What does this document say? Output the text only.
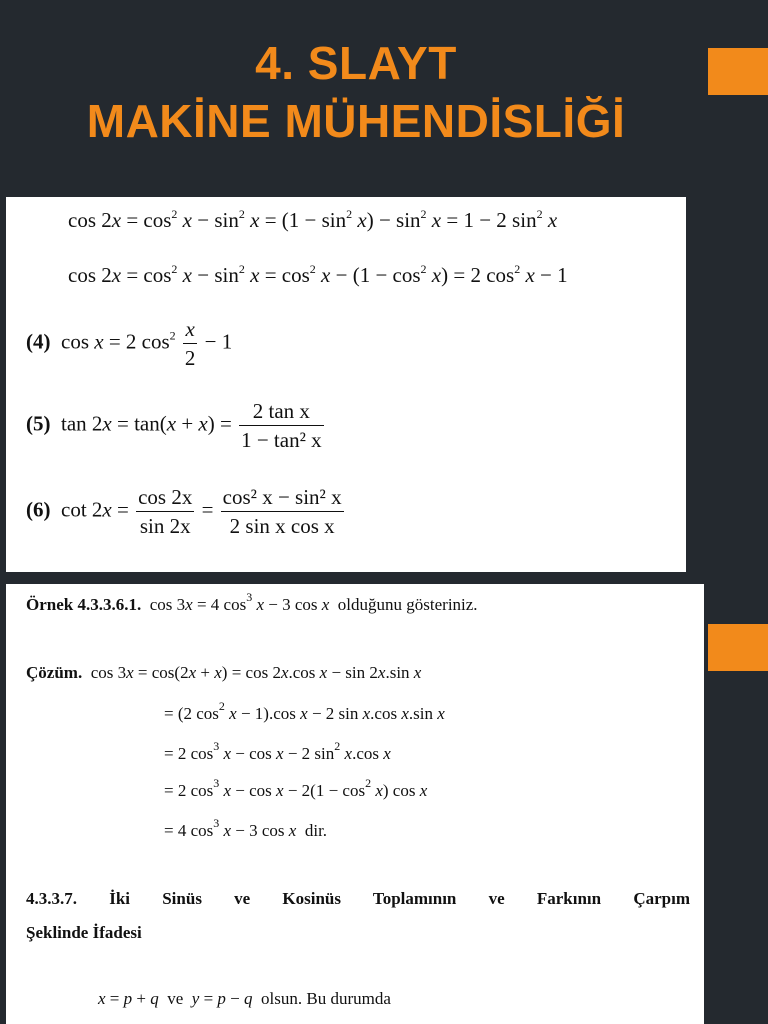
4. SLAYT
MAKİNE MÜHENDİSLİĞİ
$\cos 2x = \cos^2 x - \sin^2 x = (1 - \sin^2 x) - \sin^2 x = 1 - 2$ $\sin^2 x$
$\cos 2x = \cos^2 x - \sin^2 x = \cos^2 x - (1 - \cos^2 x) = 2$ $\cos^2 x - 1$
(4)  cos x = 2 $\cos^2 \frac{x}{2} - 1$
(5)  $\tan 2x = \tan(x + x) = \frac{\text{2 tan x}}{\text{1 − tan² x}}$
(6)  $\cot 2x = \frac{\cos 2x}{\sin 2x} = \frac{\text{cos² x − sin² x}}{\text{2 sin x cos x}}$
Örnek 4.3.3.6.1.  cos 3x = 4 $\cos^3 x - 3$ cos x olduğunu gösteriniz.
Çözüm.  cos 3x = cos(2x + x) = cos 2x.cos x − sin 2x.sin x
= (2 $\cos^2 x - 1).\cos$ x − 2 sin x.cos x.sin x
= 2 $\cos^3 x - \cos x - 2$ $\sin^2 x.\cos$ x
= 2 $\cos^3 x - \cos x - 2(1 - \cos^2 x)$ cos x
= 4 $\cos^3 x - 3$ cos x dir.
4.3.3.7. İki Sinüs ve Kosinüs Toplamının ve Farkının Çarpım
Şeklinde İfadesi
x = p + q ve y = p − q olsun. Bu durumda
